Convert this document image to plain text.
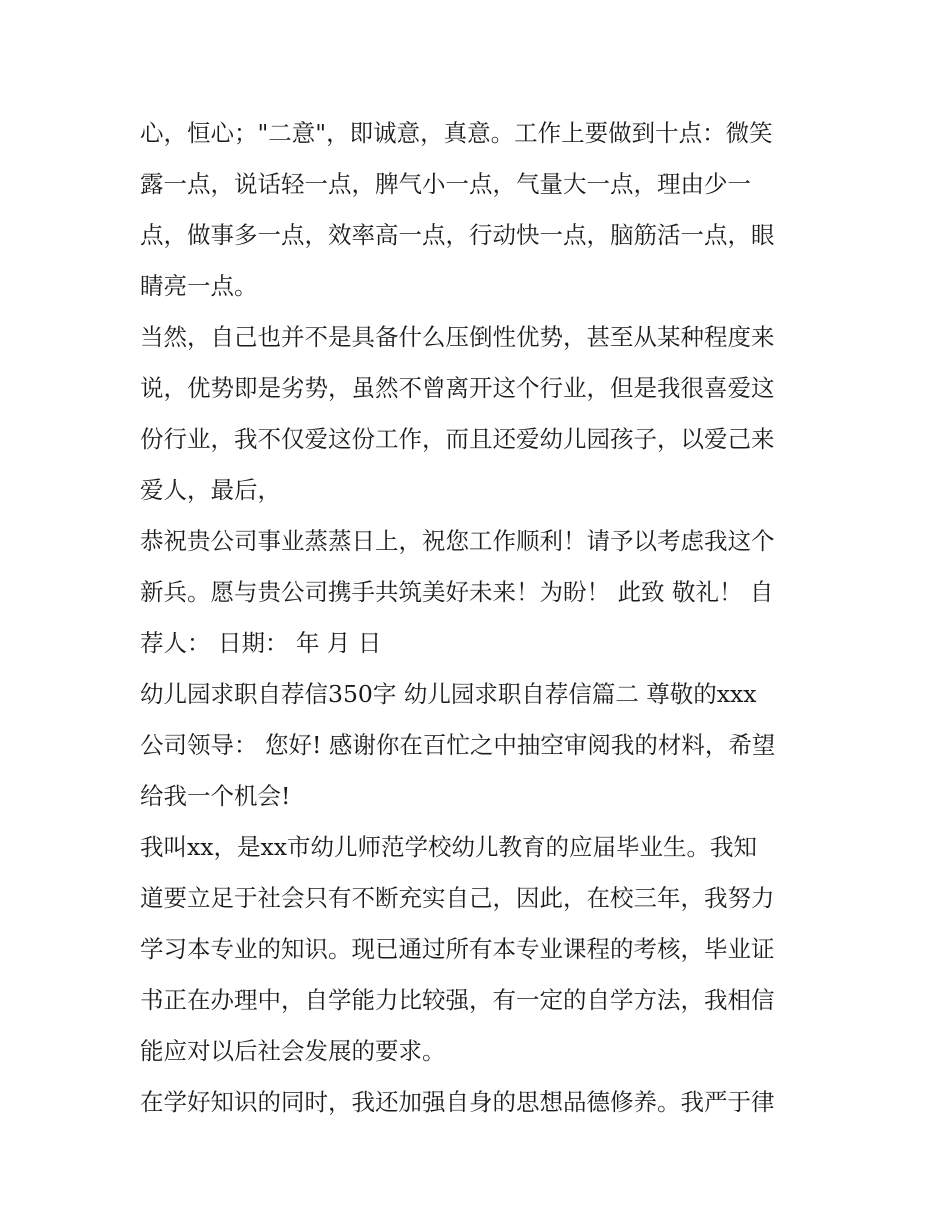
心，恒心；"二意"，即诚意，真意。工作上要做到十点：微笑
露一点，说话轻一点，脾气小一点，气量大一点，理由少一
点，做事多一点，效率高一点，行动快一点，脑筋活一点，眼
睛亮一点。
当然，自己也并不是具备什么压倒性优势，甚至从某种程度来
说，优势即是劣势，虽然不曾离开这个行业，但是我很喜爱这
份行业，我不仅爱这份工作，而且还爱幼儿园孩子，以爱己来
爱人，最后，
恭祝贵公司事业蒸蒸日上，祝您工作顺利！请予以考虑我这个
新兵。愿与贵公司携手共筑美好未来！为盼！ 此致 敬礼！ 自
荐人： 日期： 年 月 日
幼儿园求职自荐信350字 幼儿园求职自荐信篇二 尊敬的xxx
公司领导： 您好! 感谢你在百忙之中抽空审阅我的材料，希望
给我一个机会!
我叫xx，是xx市幼儿师范学校幼儿教育的应届毕业生。我知
道要立足于社会只有不断充实自己，因此，在校三年，我努力
学习本专业的知识。现已通过所有本专业课程的考核，毕业证
书正在办理中，自学能力比较强，有一定的自学方法，我相信
能应对以后社会发展的要求。
在学好知识的同时，我还加强自身的思想品德修养。我严于律
